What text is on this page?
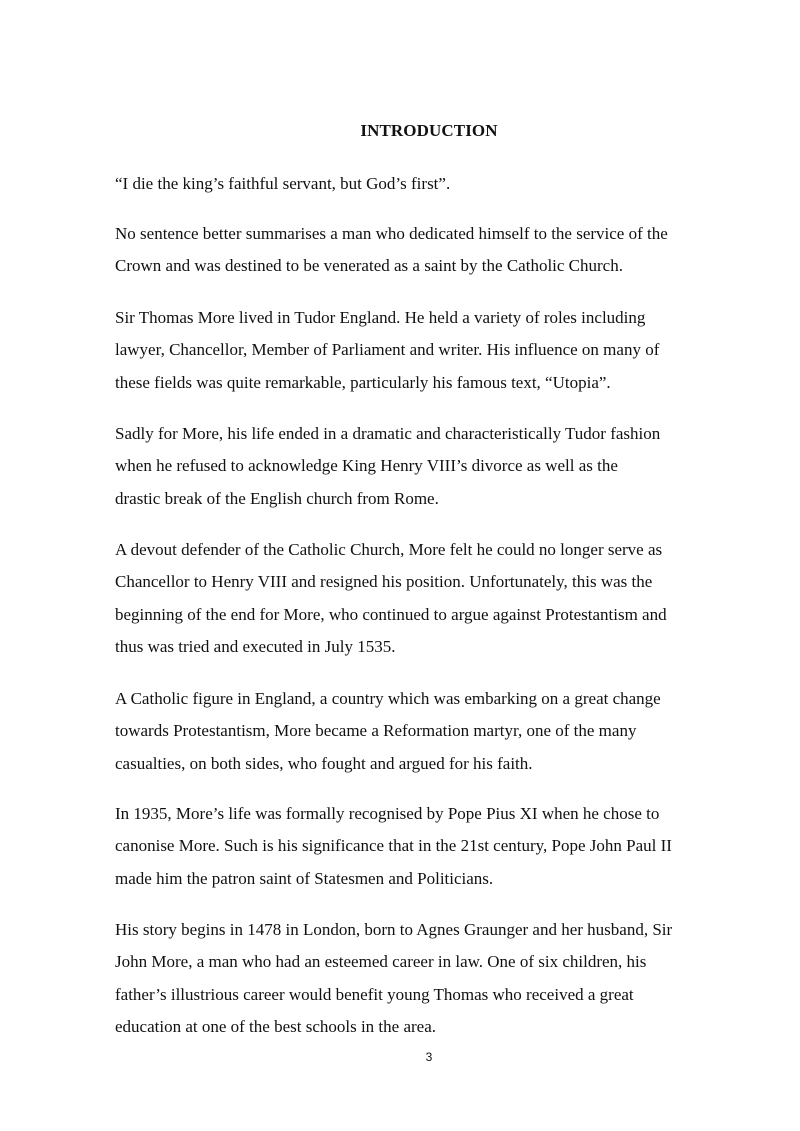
INTRODUCTION

“I die the king’s faithful servant, but God’s first”.

No sentence better summarises a man who dedicated himself to the service of the
Crown and was destined to be venerated as a saint by the Catholic Church.

Sir Thomas More lived in Tudor England. He held a variety of roles including
lawyer, Chancellor, Member of Parliament and writer. His influence on many of
these fields was quite remarkable, particularly his famous text, “Utopia”.

Sadly for More, his life ended in a dramatic and characteristically Tudor fashion
when he refused to acknowledge King Henry VIII’s divorce as well as the
drastic break of the English church from Rome.

A devout defender of the Catholic Church, More felt he could no longer serve as
Chancellor to Henry VIII and resigned his position. Unfortunately, this was the
beginning of the end for More, who continued to argue against Protestantism and
thus was tried and executed in July 1535.

A Catholic figure in England, a country which was embarking on a great change
towards Protestantism, More became a Reformation martyr, one of the many
casualties, on both sides, who fought and argued for his faith.

In 1935, More’s life was formally recognised by Pope Pius XI when he chose to
canonise More. Such is his significance that in the 21st century, Pope John Paul II
made him the patron saint of Statesmen and Politicians.

His story begins in 1478 in London, born to Agnes Graunger and her husband, Sir
John More, a man who had an esteemed career in law. One of six children, his
father’s illustrious career would benefit young Thomas who received a great
education at one of the best schools in the area.

3
